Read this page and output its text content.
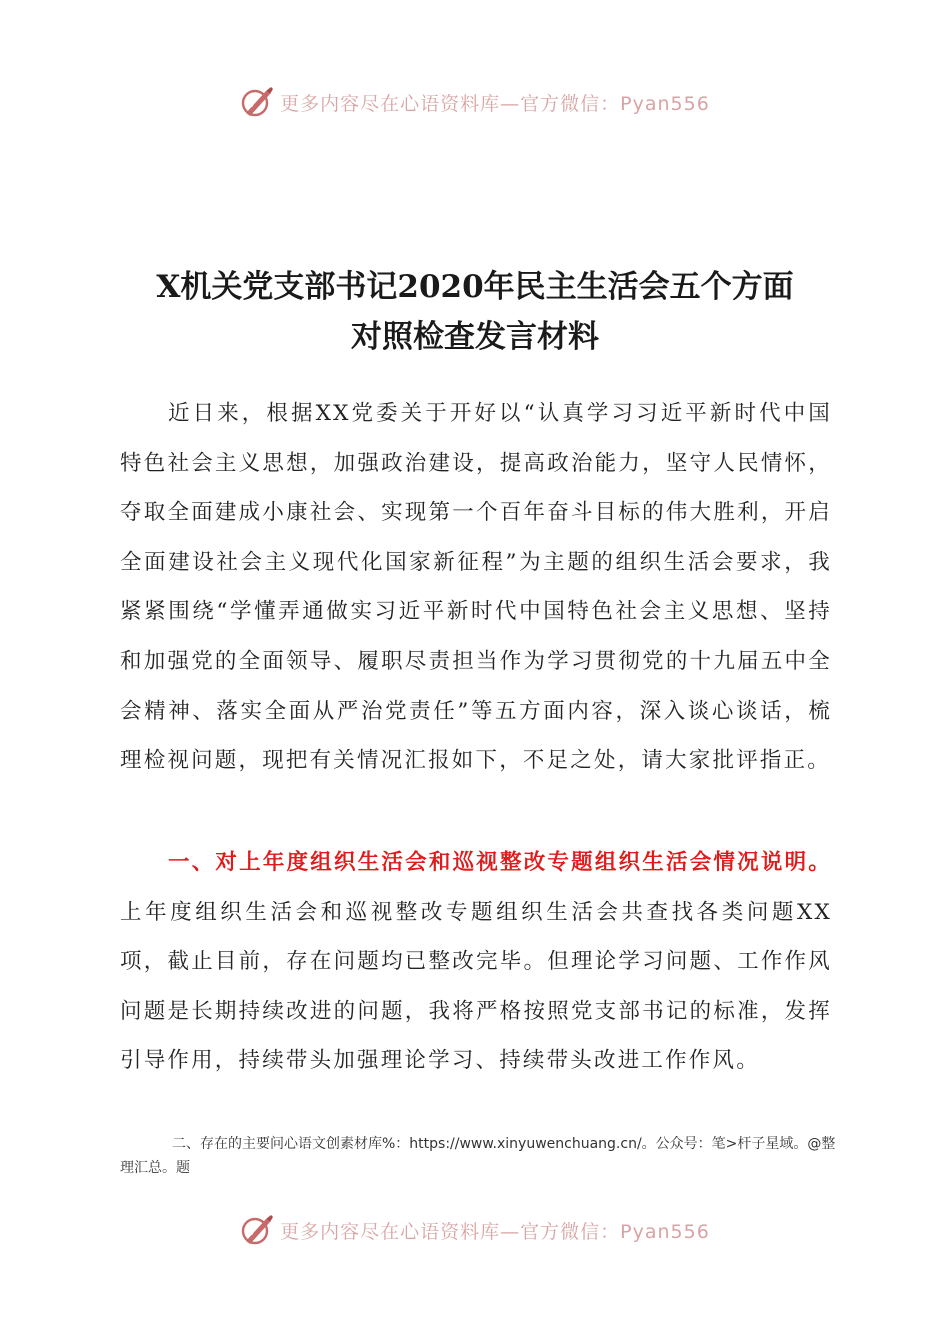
更多内容尽在心语资料库—官方微信：Pyan556
X机关党支部书记2020年民主生活会五个方面
对照检查发言材料

近日来，根据XX党委关于开好以“认真学习习近平新时代中国特色社会主义思想，加强政治建设，提高政治能力，坚守人民情怀，夺取全面建成小康社会、实现第一个百年奋斗目标的伟大胜利，开启全面建设社会主义现代化国家新征程”为主题的组织生活会要求，我紧紧围绕“学懂弄通做实习近平新时代中国特色社会主义思想、坚持和加强党的全面领导、履职尽责担当作为学习贯彻党的十九届五中全会精神、落实全面从严治党责任”等五方面内容，深入谈心谈话，梳理检视问题，现把有关情况汇报如下，不足之处，请大家批评指正。

一、对上年度组织生活会和巡视整改专题组织生活会情况说明。上年度组织生活会和巡视整改专题组织生活会共查找各类问题XX项，截止目前，存在问题均已整改完毕。但理论学习问题、工作作风问题是长期持续改进的问题，我将严格按照党支部书记的标准，发挥引导作用，持续带头加强理论学习、持续带头改进工作作风。

二、存在的主要问心语文创素材库%：https://www.xinyuwenchuang.cn/。公众号：笔>杆子星域。@整理汇总。题

更多内容尽在心语资料库—官方微信：Pyan556
